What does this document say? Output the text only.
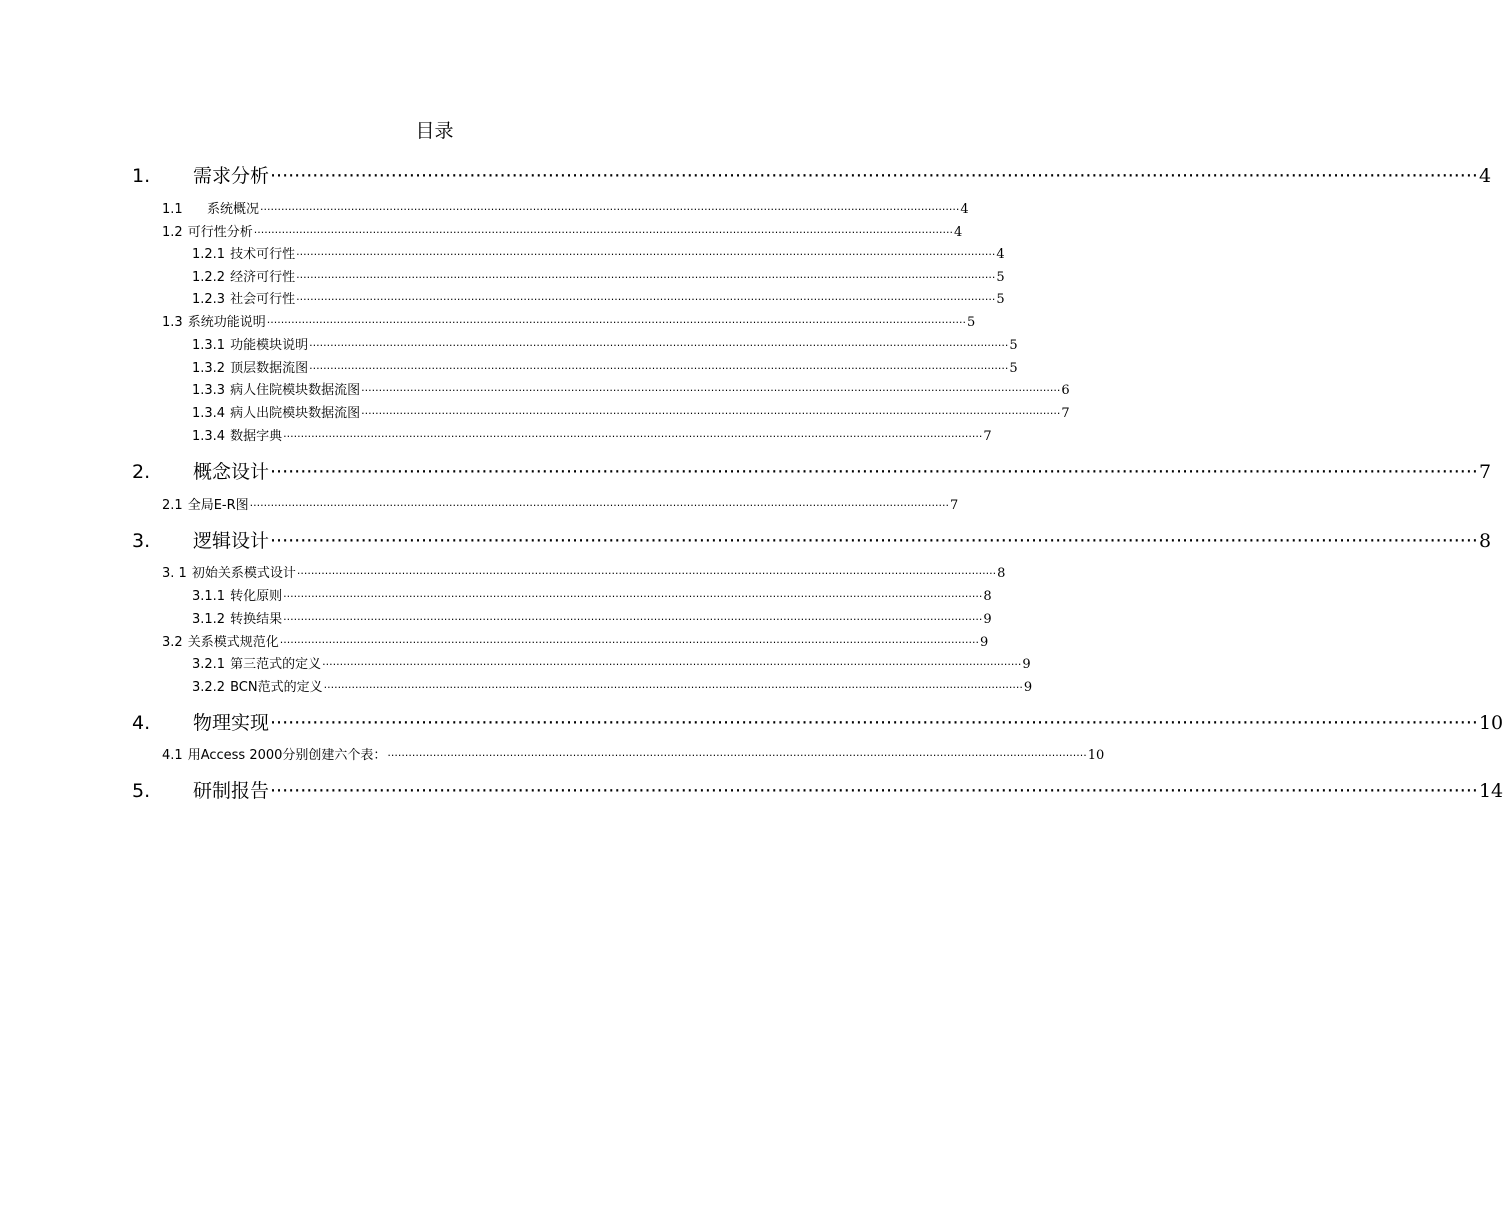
目录
1.	需求分析 ········································································································································································································ 4
1.1	系统概况 ········································································································································································································ 4
1.2 可行性分析 ········································································································································································································ 4
1.2.1 技术可行性 ········································································································································································································ 4
1.2.2 经济可行性 ········································································································································································································ 5
1.2.3 社会可行性 ········································································································································································································ 5
1.3 系统功能说明 ········································································································································································································ 5
1.3.1 功能模块说明 ········································································································································································································ 5
1.3.2 顶层数据流图 ········································································································································································································ 5
1.3.3 病人住院模块数据流图 ········································································································································································································ 6
1.3.4 病人出院模块数据流图 ········································································································································································································ 7
1.3.4 数据字典 ········································································································································································································ 7
2.	概念设计 ········································································································································································································ 7
2.1 全局E-R图 ········································································································································································································ 7
3.	逻辑设计 ········································································································································································································ 8
3. 1 初始关系模式设计 ········································································································································································································ 8
3.1.1 转化原则 ········································································································································································································ 8
3.1.2 转换结果 ········································································································································································································ 9
3.2 关系模式规范化 ········································································································································································································ 9
3.2.1 第三范式的定义 ········································································································································································································ 9
3.2.2 BCN范式的定义 ········································································································································································································ 9
4.	物理实现 ········································································································································································································ 10
4.1 用Access 2000分别创建六个表： ········································································································································································································ 10
5.	研制报告 ········································································································································································································ 14
